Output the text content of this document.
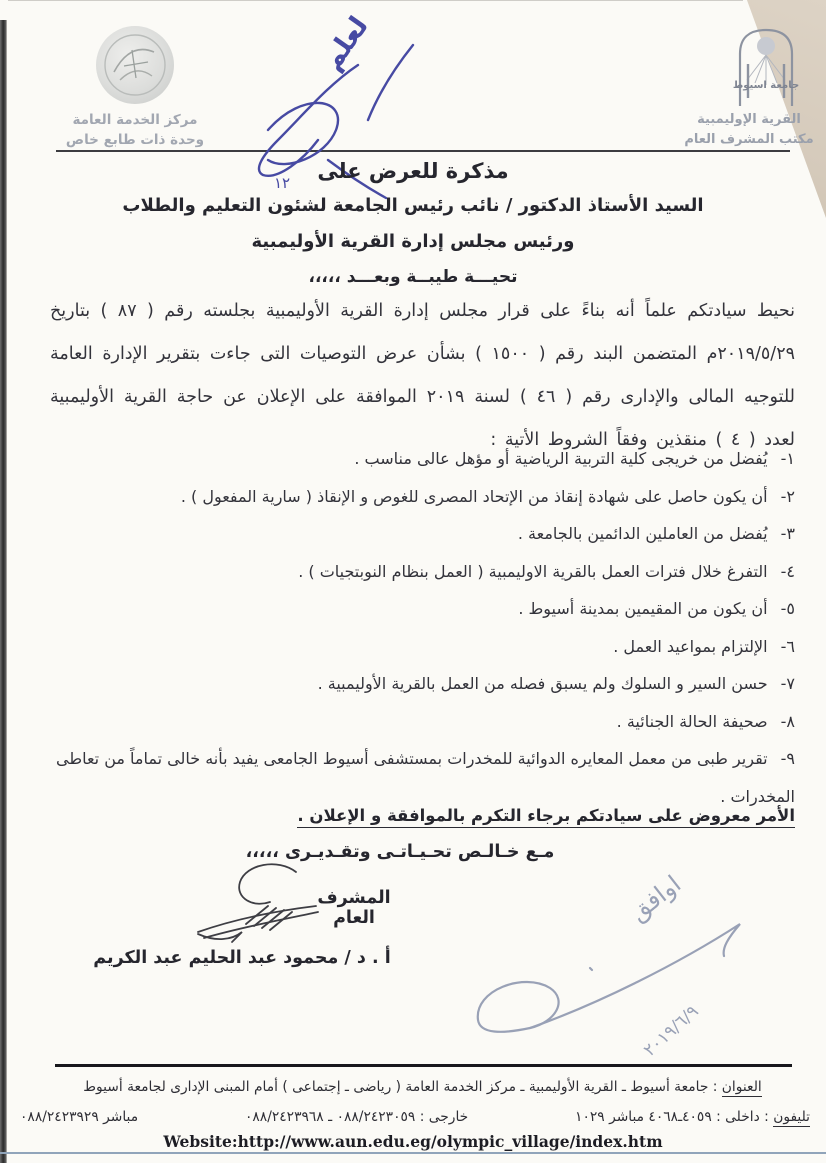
مركز الخدمة العامة
وحدة ذات طابع خاص
جامعة اسيوط
القرية الإوليمبية
مكتب المشرف العام
لعلم
١٢	مذكرة للعرض على
السيد الأستاذ الدكتور / نائب رئيس الجامعة لشئون التعليم والطلاب
ورئيس مجلس إدارة القرية الأوليمبية
تحيـــة طيبــة وبعـــد ،،،،،
نحيط سيادتكم علماً أنه بناءً على قرار مجلس إدارة القرية الأوليمبية بجلسته رقم ( ٨٧ ) بتاريخ ٢٠١٩/٥/٢٩م المتضمن البند رقم ( ١٥٠٠ ) بشأن عرض التوصيات التى جاءت بتقرير الإدارة العامة للتوجيه المالى والإدارى رقم ( ٤٦ ) لسنة ٢٠١٩ الموافقة على الإعلان عن حاجة القرية الأوليمبية لعدد ( ٤ ) منقذين وفقاً الشروط الأتية :
١-يُفضل من خريجى كلية التربية الرياضية أو مؤهل عالى مناسب .
٢-أن يكون حاصل على شهادة إنقاذ من الإتحاد المصرى للغوص و الإنقاذ ( سارية المفعول ) .
٣-يُفضل من العاملين الدائمين بالجامعة .
٤-التفرغ خلال فترات العمل بالقرية الاوليمبية ( العمل بنظام النوبتجيات ) .
٥-أن يكون من المقيمين بمدينة أسيوط .
٦-الإلتزام بمواعيد العمل .
٧-حسن السير و السلوك ولم يسبق فصله من العمل بالقرية الأوليمبية .
٨-صحيفة الحالة الجنائية .
٩-تقرير طبى من معمل المعايره الدوائية للمخدرات بمستشفى أسيوط الجامعى يفيد بأنه خالى تماماً من تعاطى المخدرات .
الأمر معروض على سيادتكم برجاء التكرم بالموافقة و الإعلان .
مـع خـالـص تحـيـاتـى وتقـديـرى ،،،،،
المشرف العام
أ . د / محمود عبد الحليم عبد الكريم
اوافق
٢٠١٩/٦/٩
العنوان : جامعة أسيوط ـ القرية الأوليمبية ـ مركز الخدمة العامة ( رياضى ـ إجتماعى ) أمام المبنى الإدارى لجامعة أسيوط
تليفون : داخلى : ٤٠٥٩ـ٤٠٦٨ مباشر ١٠٢٩
خارجى : ٠٨٨/٢٤٢٣٠٥٩ ـ ٠٨٨/٢٤٢٣٩٦٨
مباشر ٠٨٨/٢٤٢٣٩٢٩
Website:http://www.aun.edu.eg/olympic_village/index.htm
